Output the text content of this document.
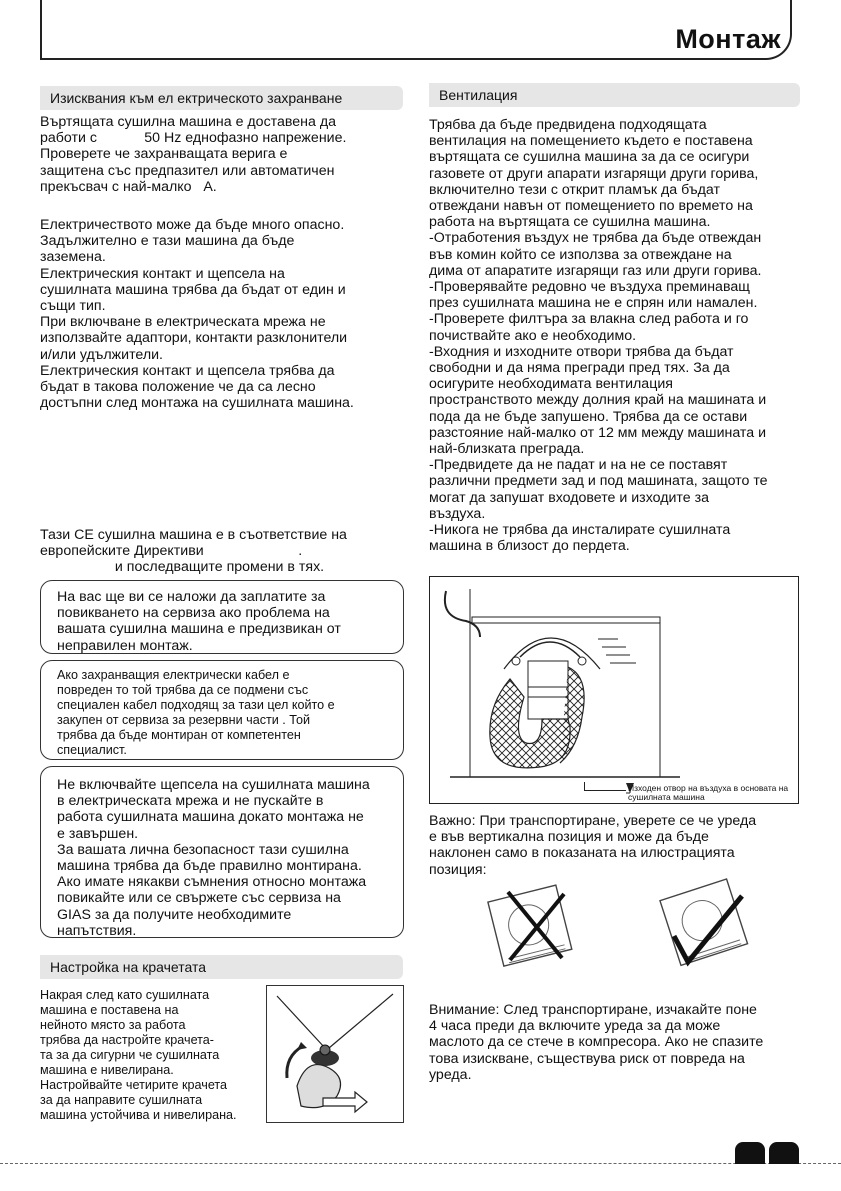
Монтаж
Изисквания към ел ектрическото захранване

Въртящата сушилна машина е доставена да

работи с            50 Hz еднофазно напрежение.

Проверете че захранващата верига е

защитена със предпазител или автоматичен

прекъсвач с най-малко   A.

Електричеството може да бъде много опасно.

Задължително е тази машина да бъде

заземена.

Електрическия контакт и щепсела на

сушилната машина трябва да бъдат от един и

същи тип.

При включване в електрическата мрежа не

използвайте адаптори, контакти разклонители

и/или удължители.

Електрическия контакт и щепсела трябва да

бъдат в такова положение че да са лесно

достъпни след монтажа на сушилната машина.

Тази CE сушилна машина е в съответствие на

европейските Директиви                        .

и последващите промени в тях.

На вас ще ви се наложи да заплатите за

повикването на сервиза ако проблема на

вашата сушилна машина е предизвикан от

неправилен монтаж.

Ако захранващия електрически кабел е

повреден то той трябва да се подмени със

специален кабел подходящ за тази цел който е

закупен от сервиза за резервни части . Той

трябва да бъде монтиран от компетентен

специалист.

Не включвайте щепсела на сушилната машина

в електрическата мрежа и не пускайте в

работа сушилната машина докато монтажа не

е завършен.

За вашата лична безопасност тази сушилна

машина трябва да бъде правилно монтирана.

Ако имате някакви съмнения относно монтажа

повикайте или се свържете със сервиза на

GIAS за да получите необходимите

напътствия.

Настройка на крачетата

Накрая след като сушилната

машина е поставена на

нейното място за работа

трябва да настройте крачета-

та за да сигурни че сушилната

машина е нивелирана.

Настройвайте четирите крачета

за да направите сушилната

машина устойчива и нивелирана.

Вентилация

Трябва да бъде предвидена подходящата

вентилация на помещението където е поставена

въртящата се сушилна машина за да се осигури

газовете от други апарати изгарящи други горива,

включително тези с открит пламък да бъдат

отвеждани навън от помещението по времето на

работа на въртящата се сушилна машина.

-Отработения въздух не трябва да бъде отвеждан

във комин който се използва за отвеждане на

дима от апаратите изгарящи газ или други горива.

-Проверявайте редовно че въздуха преминаващ

през сушилната машина не е спрян или намален.

-Проверете филтъра за влакна след работа и го

почиствайте ако е необходимо.

-Входния и изходните отвори трябва да бъдат

свободни и да няма прегради пред тях. За да

осигурите необходимата вентилация

пространството между долния край на машината и

пода да не бъде запушено. Трябва да се остави

разстояние най-малко от 12 мм между машината и

най-близката преграда.

-Предвидете да не падат и на не се поставят

различни предмети зад и под машината, защото те

могат да запушат входовете и изходите за

въздуха.

-Никога не трябва да инсталирате сушилната

машина в близост до пердета.

Изходен отвор на въздуха в основата на сушилната машина

Важно: При транспортиране, уверете се че уреда

е във вертикална позиция и може да бъде

наклонен само в показаната на илюстрацията

позиция:

Внимание: След транспортиране, изчакайте поне

4 часа преди да включите уреда за да може

маслото да се стече в компресора. Ако не спазите

това изискване, съществува риск от повреда на

уреда.
